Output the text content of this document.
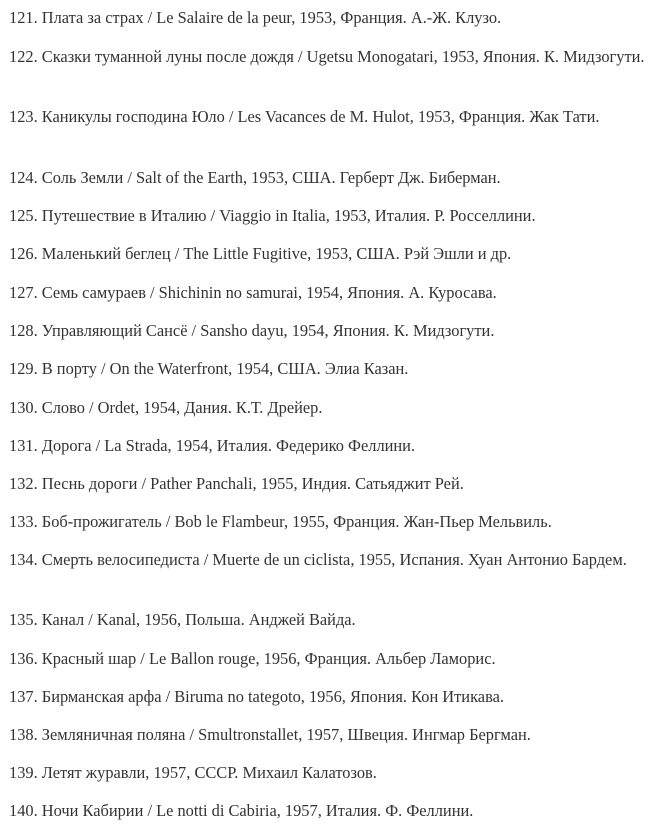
121. Плата за страх / Le Salaire de la peur, 1953, Франция. А.-Ж. Клузо.
122. Сказки туманной луны после дождя / Ugetsu Monogatari, 1953, Япония. К. Мидзогути.
123. Каникулы господина Юло / Les Vacances de M. Hulot, 1953, Франция. Жак Тати.
124. Соль Земли / Salt of the Earth, 1953, США. Герберт Дж. Биберман.
125. Путешествие в Италию / Viaggio in Italia, 1953, Италия. Р. Росселлини.
126. Маленький беглец / The Little Fugitive, 1953, США. Рэй Эшли и др.
127. Семь самураев / Shichinin no samurai, 1954, Япония. А. Куросава.
128. Управляющий Сансё / Sansho dayu, 1954, Япония. К. Мидзогути.
129. В порту / On the Waterfront, 1954, США. Элиа Казан.
130. Слово / Ordet, 1954, Дания. К.Т. Дрейер.
131. Дорога / La Strada, 1954, Италия. Федерико Феллини.
132. Песнь дороги / Pather Panchali, 1955, Индия. Сатьяджит Рей.
133. Боб-прожигатель / Bob le Flambeur, 1955, Франция. Жан-Пьер Мельвиль.
134. Смерть велосипедиста / Muerte de un ciclista, 1955, Испания. Хуан Антонио Бардем.
135. Канал / Kanal, 1956, Польша. Анджей Вайда.
136. Красный шар / Le Ballon rouge, 1956, Франция. Альбер Ламорис.
137. Бирманская арфа / Biruma no tategoto, 1956, Япония. Кон Итикава.
138. Земляничная поляна / Smultronstallet, 1957, Швеция. Ингмар Бергман.
139. Летят журавли, 1957, СССР. Михаил Калатозов.
140. Ночи Кабирии / Le notti di Cabiria, 1957, Италия. Ф. Феллини.
